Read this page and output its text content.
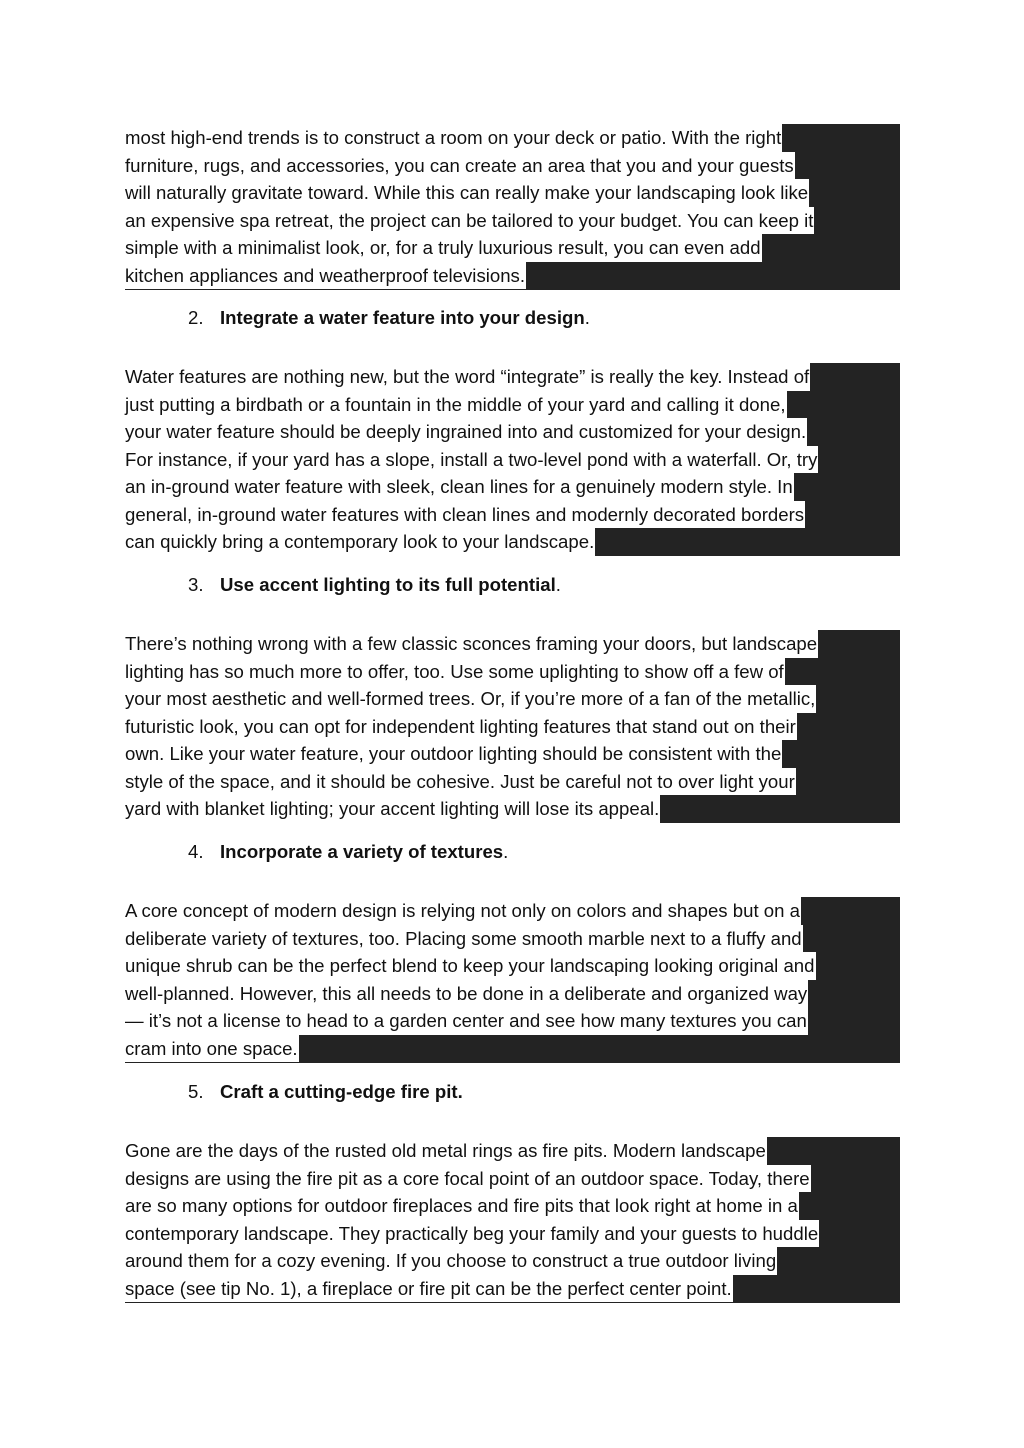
most high-end trends is to construct a room on your deck or patio. With the right
furniture, rugs, and accessories, you can create an area that you and your guests
will naturally gravitate toward. While this can really make your landscaping look like
an expensive spa retreat, the project can be tailored to your budget. You can keep it
simple with a minimalist look, or, for a truly luxurious result, you can even add
kitchen appliances and weatherproof televisions.
2. Integrate a water feature into your design.
Water features are nothing new, but the word “integrate” is really the key. Instead of
just putting a birdbath or a fountain in the middle of your yard and calling it done,
your water feature should be deeply ingrained into and customized for your design.
For instance, if your yard has a slope, install a two-level pond with a waterfall. Or, try
an in-ground water feature with sleek, clean lines for a genuinely modern style. In
general, in-ground water features with clean lines and modernly decorated borders
can quickly bring a contemporary look to your landscape.
3. Use accent lighting to its full potential.
There’s nothing wrong with a few classic sconces framing your doors, but landscape
lighting has so much more to offer, too. Use some uplighting to show off a few of
your most aesthetic and well-formed trees. Or, if you’re more of a fan of the metallic,
futuristic look, you can opt for independent lighting features that stand out on their
own. Like your water feature, your outdoor lighting should be consistent with the
style of the space, and it should be cohesive. Just be careful not to over light your
yard with blanket lighting; your accent lighting will lose its appeal.
4. Incorporate a variety of textures.
A core concept of modern design is relying not only on colors and shapes but on a
deliberate variety of textures, too. Placing some smooth marble next to a fluffy and
unique shrub can be the perfect blend to keep your landscaping looking original and
well-planned. However, this all needs to be done in a deliberate and organized way
— it’s not a license to head to a garden center and see how many textures you can
cram into one space.
5. Craft a cutting-edge fire pit.
Gone are the days of the rusted old metal rings as fire pits. Modern landscape
designs are using the fire pit as a core focal point of an outdoor space. Today, there
are so many options for outdoor fireplaces and fire pits that look right at home in a
contemporary landscape. They practically beg your family and your guests to huddle
around them for a cozy evening. If you choose to construct a true outdoor living
space (see tip No. 1), a fireplace or fire pit can be the perfect center point.
